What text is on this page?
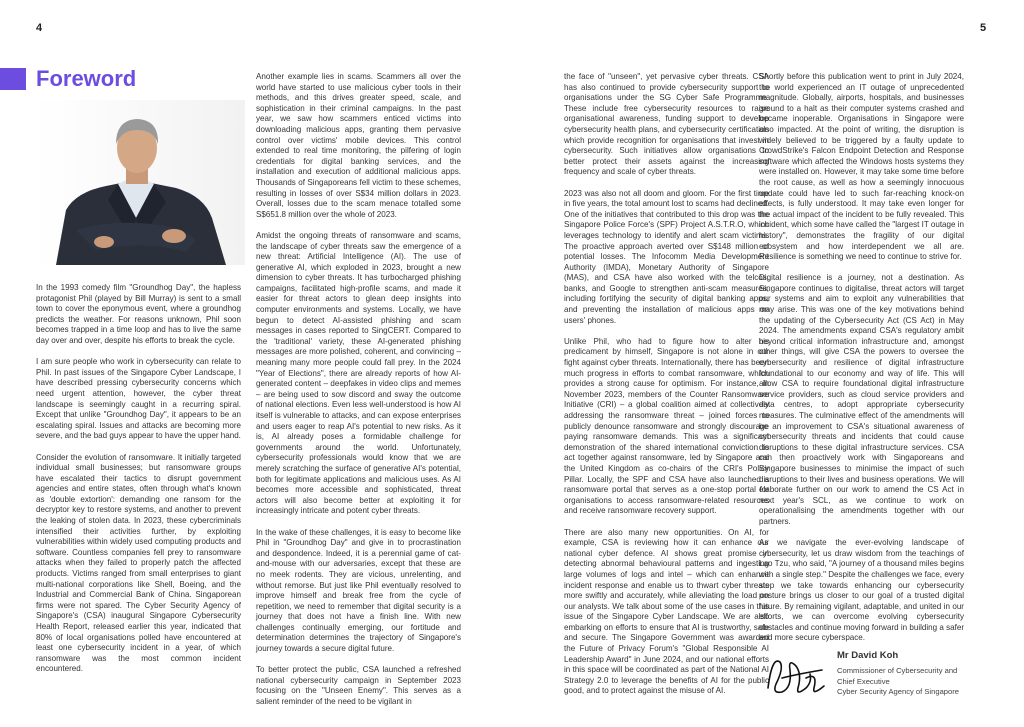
4	5
Foreword

In the 1993 comedy film "Groundhog Day", the hapless protagonist Phil (played by Bill Murray) is sent to a small town to cover the eponymous event, where a groundhog predicts the weather. For reasons unknown, Phil soon becomes trapped in a time loop and has to live the same day over and over, despite his efforts to break the cycle.

I am sure people who work in cybersecurity can relate to Phil. In past issues of the Singapore Cyber Landscape, I have described pressing cybersecurity concerns which need urgent attention, however, the cyber threat landscape is seemingly caught in a recurring spiral. Except that unlike "Groundhog Day", it appears to be an escalating spiral. Issues and attacks are becoming more severe, and the bad guys appear to have the upper hand.

Consider the evolution of ransomware. It initially targeted individual small businesses; but ransomware groups have escalated their tactics to disrupt government agencies and entire states, often through what's known as 'double extortion': demanding one ransom for the decryptor key to restore systems, and another to prevent the leaking of stolen data. In 2023, these cybercriminals intensified their activities further, by exploiting vulnerabilities within widely used computing products and software. Countless companies fell prey to ransomware attacks when they failed to properly patch the affected products. Victims ranged from small enterprises to giant multi-national corporations like Shell, Boeing, and the Industrial and Commercial Bank of China. Singaporean firms were not spared. The Cyber Security Agency of Singapore's (CSA) inaugural Singapore Cybersecurity Health Report, released earlier this year, indicated that 80% of local organisations polled have encountered at least one cybersecurity incident in a year, of which ransomware was the most common incident encountered.

Another example lies in scams. Scammers all over the world have started to use malicious cyber tools in their methods, and this drives greater speed, scale, and sophistication in their criminal campaigns. In the past year, we saw how scammers enticed victims into downloading malicious apps, granting them pervasive control over victims' mobile devices. This control extended to real time monitoring, the pilfering of login credentials for digital banking services, and the installation and execution of additional malicious apps. Thousands of Singaporeans fell victim to these schemes, resulting in losses of over S$34 million dollars in 2023. Overall, losses due to the scam menace totalled some S$651.8 million over the whole of 2023.

Amidst the ongoing threats of ransomware and scams, the landscape of cyber threats saw the emergence of a new threat: Artificial Intelligence (AI). The use of generative AI, which exploded in 2023, brought a new dimension to cyber threats. It has turbocharged phishing campaigns, facilitated high-profile scams, and made it easier for threat actors to glean deep insights into computer environments and systems. Locally, we have begun to detect AI-assisted phishing and scam messages in cases reported to SingCERT. Compared to the 'traditional' variety, these AI-generated phishing messages are more polished, coherent, and convincing – meaning many more people could fall prey. In the 2024 "Year of Elections", there are already reports of how AI-generated content – deepfakes in video clips and memes – are being used to sow discord and sway the outcome of national elections. Even less well-understood is how AI itself is vulnerable to attacks, and can expose enterprises and users eager to reap AI's potential to new risks. As it is, AI already poses a formidable challenge for governments around the world. Unfortunately, cybersecurity professionals would know that we are merely scratching the surface of generative AI's potential, both for legitimate applications and malicious uses. As AI becomes more accessible and sophisticated, threat actors will also become better at exploiting it for increasingly intricate and potent cyber threats.

In the wake of these challenges, it is easy to become like Phil in "Groundhog Day" and give in to procrastination and despondence. Indeed, it is a perennial game of cat-and-mouse with our adversaries, except that these are no meek rodents. They are vicious, unrelenting, and without remorse. But just like Phil eventually resolved to improve himself and break free from the cycle of repetition, we need to remember that digital security is a journey that does not have a finish line. With new challenges continually emerging, our fortitude and determination determines the trajectory of Singapore's journey towards a secure digital future.

To better protect the public, CSA launched a refreshed national cybersecurity campaign in September 2023 focusing on the "Unseen Enemy". This serves as a salient reminder of the need to be vigilant in

the face of "unseen", yet pervasive cyber threats. CSA has also continued to provide cybersecurity support to organisations under the SG Cyber Safe Programme. These include free cybersecurity resources to raise organisational awareness, funding support to develop cybersecurity health plans, and cybersecurity certification which provide recognition for organisations that invest in cybersecurity. Such initiatives allow organisations to better protect their assets against the increasing frequency and scale of cyber threats.

2023 was also not all doom and gloom. For the first time in five years, the total amount lost to scams had declined. One of the initiatives that contributed to this drop was the Singapore Police Force's (SPF) Project A.S.T.R.O, which leverages technology to identify and alert scam victims. The proactive approach averted over S$148 million of potential losses. The Infocomm Media Development Authority (IMDA), Monetary Authority of Singapore (MAS), and CSA have also worked with the telcos, banks, and Google to strengthen anti-scam measures, including fortifying the security of digital banking apps, and preventing the installation of malicious apps on users' phones.

Unlike Phil, who had to figure how to alter his predicament by himself, Singapore is not alone in our fight against cyber threats. Internationally, there has been much progress in efforts to combat ransomware, which provides a strong cause for optimism. For instance, in November 2023, members of the Counter Ransomware Initiative (CRI) – a global coalition aimed at collectively addressing the ransomware threat – joined forces to publicly denounce ransomware and strongly discourage paying ransomware demands. This was a significant demonstration of the shared international conviction to act together against ransomware, led by Singapore and the United Kingdom as co-chairs of the CRI's Policy Pillar. Locally, the SPF and CSA have also launched a ransomware portal that serves as a one-stop portal for organisations to access ransomware-related resources and receive ransomware recovery support.

There are also many new opportunities. On AI, for example, CSA is reviewing how it can enhance our national cyber defence. AI shows great promise in detecting abnormal behavioural patterns and ingesting large volumes of logs and intel – which can enhance incident response and enable us to thwart cyber threats more swiftly and accurately, while alleviating the load on our analysts. We talk about some of the use cases in this issue of the Singapore Cyber Landscape. We are also embarking on efforts to ensure that AI is trustworthy, safe and secure. The Singapore Government was awarded the Future of Privacy Forum's "Global Responsible AI Leadership Award" in June 2024, and our national efforts in this space will be coordinated as part of the National AI Strategy 2.0 to leverage the benefits of AI for the public good, and to protect against the misuse of AI.

Shortly before this publication went to print in July 2024, the world experienced an IT outage of unprecedented magnitude. Globally, airports, hospitals, and businesses ground to a halt as their computer systems crashed and became inoperable. Organisations in Singapore were also impacted. At the point of writing, the disruption is widely believed to be triggered by a faulty update to CrowdStrike's Falcon Endpoint Detection and Response software which affected the Windows hosts systems they were installed on. However, it may take some time before the root cause, as well as how a seemingly innocuous update could have led to such far-reaching knock-on effects, is fully understood. It may take even longer for the actual impact of the incident to be fully revealed. This incident, which some have called the "largest IT outage in history", demonstrates the fragility of our digital ecosystem and how interdependent we all are. Resilience is something we need to continue to strive for.

Digital resilience is a journey, not a destination. As Singapore continues to digitalise, threat actors will target our systems and aim to exploit any vulnerabilities that may arise. This was one of the key motivations behind the updating of the Cybersecurity Act (CS Act) in May 2024. The amendments expand CSA's regulatory ambit beyond critical information infrastructure and, amongst other things, will give CSA the powers to oversee the cybersecurity and resilience of digital infrastructure foundational to our economy and way of life. This will allow CSA to require foundational digital infrastructure service providers, such as cloud service providers and data centres, to adopt appropriate cybersecurity measures. The culminative effect of the amendments will be an improvement to CSA's situational awareness of cybersecurity threats and incidents that could cause disruptions to these digital infrastructure services. CSA can then proactively work with Singaporeans and Singapore businesses to minimise the impact of such disruptions to their lives and business operations. We will elaborate further on our work to amend the CS Act in next year's SCL, as we continue to work on operationalising the amendments together with our partners.

As we navigate the ever-evolving landscape of cybersecurity, let us draw wisdom from the teachings of Lao Tzu, who said, "A journey of a thousand miles begins with a single step." Despite the challenges we face, every step we take towards enhancing our cybersecurity posture brings us closer to our goal of a trusted digital future. By remaining vigilant, adaptable, and united in our efforts, we can overcome evolving cybersecurity obstacles and continue moving forward in building a safer and more secure cyberspace.

Mr David Koh
Commissioner of Cybersecurity and
Chief Executive
Cyber Security Agency of Singapore
